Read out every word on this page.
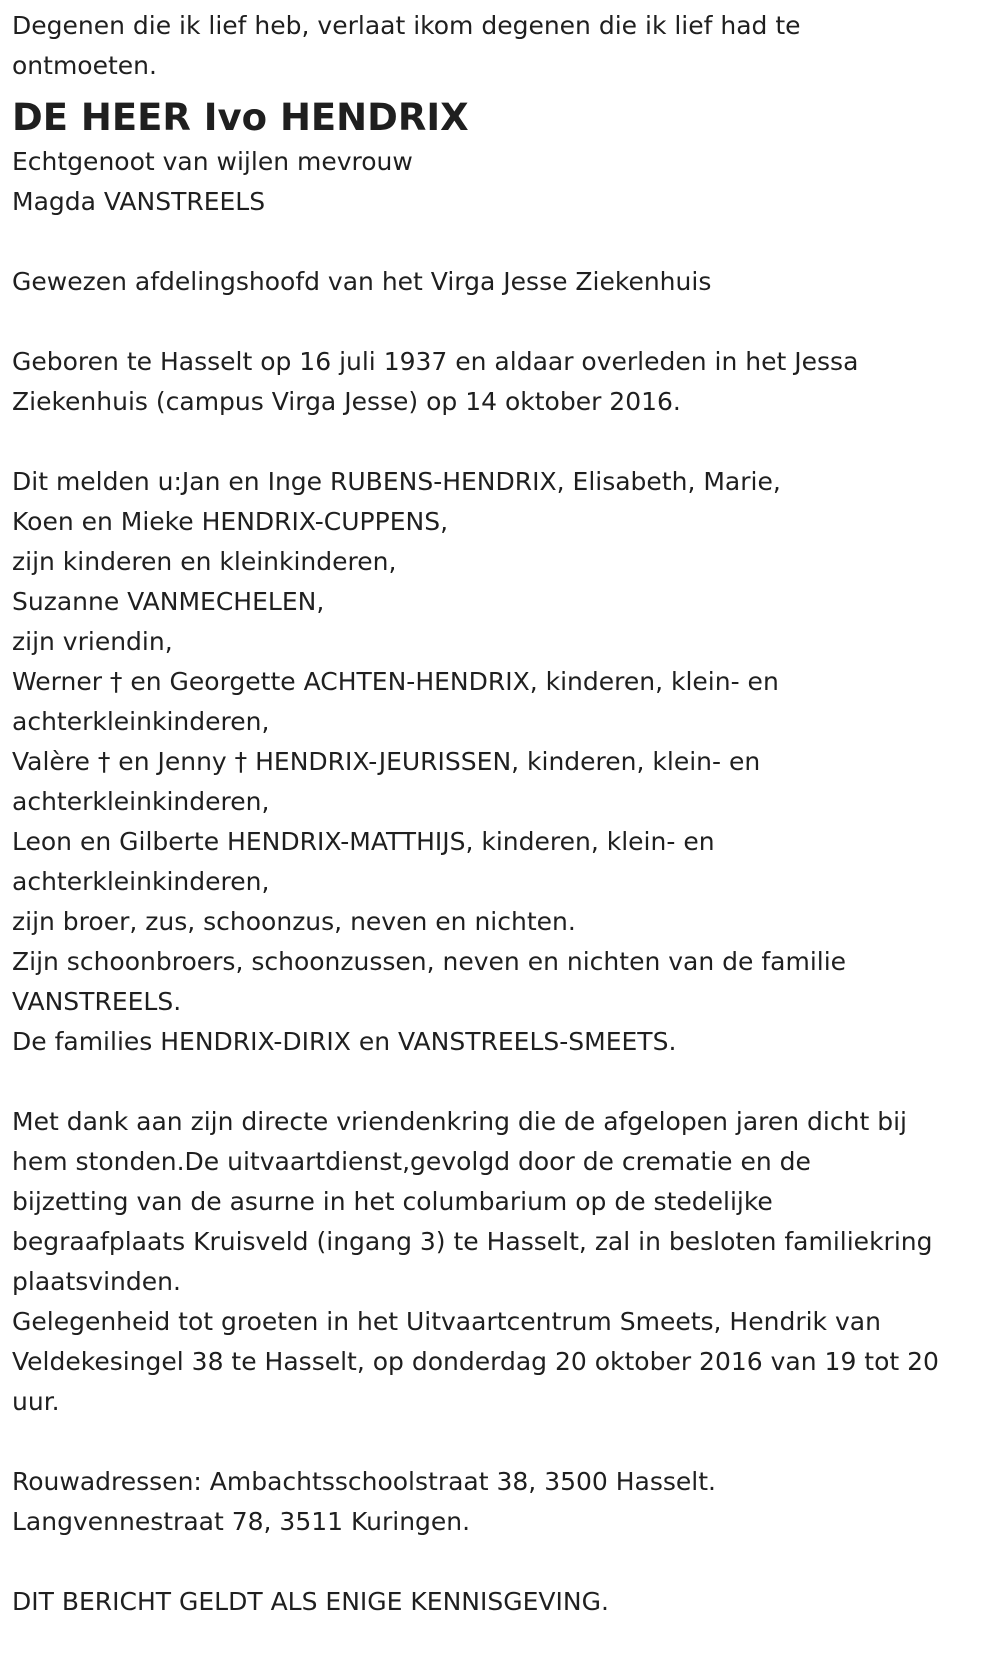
Degenen die ik lief heb, verlaat ikom degenen die ik lief had te

ontmoeten.

DE HEER Ivo HENDRIX

Echtgenoot van wijlen mevrouw

Magda VANSTREELS

Gewezen afdelingshoofd van het Virga Jesse Ziekenhuis

Geboren te Hasselt op 16 juli 1937 en aldaar overleden in het Jessa

Ziekenhuis (campus Virga Jesse) op 14 oktober 2016.

Dit melden u:Jan en Inge RUBENS-HENDRIX, Elisabeth, Marie,

Koen en Mieke HENDRIX-CUPPENS,

zijn kinderen en kleinkinderen,

Suzanne VANMECHELEN,

zijn vriendin,

Werner † en Georgette ACHTEN-HENDRIX, kinderen, klein- en

achterkleinkinderen,

Valère † en Jenny † HENDRIX-JEURISSEN, kinderen, klein- en

achterkleinkinderen,

Leon en Gilberte HENDRIX-MATTHIJS, kinderen, klein- en

achterkleinkinderen,

zijn broer, zus, schoonzus, neven en nichten.

Zijn schoonbroers, schoonzussen, neven en nichten van de familie

VANSTREELS.

De families HENDRIX-DIRIX en VANSTREELS-SMEETS.

Met dank aan zijn directe vriendenkring die de afgelopen jaren dicht bij

hem stonden.De uitvaartdienst,gevolgd door de crematie en de

bijzetting van de asurne in het columbarium op de stedelijke

begraafplaats Kruisveld (ingang 3) te Hasselt, zal in besloten familiekring

plaatsvinden.

Gelegenheid tot groeten in het Uitvaartcentrum Smeets, Hendrik van

Veldekesingel 38 te Hasselt, op donderdag 20 oktober 2016 van 19 tot 20

uur.

Rouwadressen: Ambachtsschoolstraat 38, 3500 Hasselt.

Langvennestraat 78, 3511 Kuringen.

DIT BERICHT GELDT ALS ENIGE KENNISGEVING.
